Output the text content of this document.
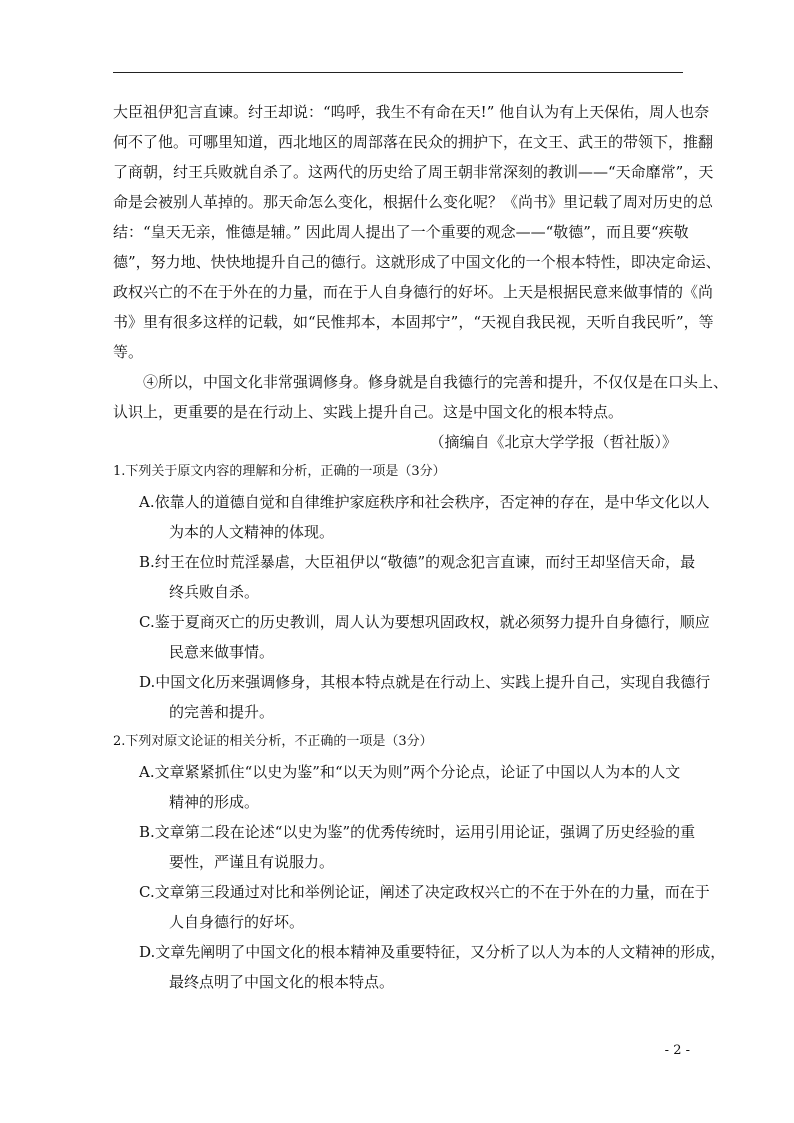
大臣祖伊犯言直谏。纣王却说：“呜呼，我生不有命在天!” 他自认为有上天保佑，周人也奈
何不了他。可哪里知道，西北地区的周部落在民众的拥护下，在文王、武王的带领下，推翻
了商朝，纣王兵败就自杀了。这两代的历史给了周王朝非常深刻的教训——“天命靡常”，天
命是会被别人革掉的。那天命怎么变化，根据什么变化呢？《尚书》里记载了周对历史的总
结：“皇天无亲，惟德是辅。” 因此周人提出了一个重要的观念——“敬德”，而且要“疾敬
德”，努力地、快快地提升自己的德行。这就形成了中国文化的一个根本特性，即决定命运、
政权兴亡的不在于外在的力量，而在于人自身德行的好坏。上天是根据民意来做事情的《尚
书》里有很多这样的记载，如“民惟邦本，本固邦宁”，“天视自我民视，天听自我民听”，等
等。
④所以，中国文化非常强调修身。修身就是自我德行的完善和提升，不仅仅是在口头上、
认识上，更重要的是在行动上、实践上提升自己。这是中国文化的根本特点。
（摘编自《北京大学学报（哲社版）》
1.下列关于原文内容的理解和分析，正确的一项是（3分）
A.依靠人的道德自觉和自律维护家庭秩序和社会秩序，否定神的存在，是中华文化以人
为本的人文精神的体现。
B.纣王在位时荒淫暴虐，大臣祖伊以“敬德”的观念犯言直谏，而纣王却坚信天命，最
终兵败自杀。
C.鉴于夏商灭亡的历史教训，周人认为要想巩固政权，就必须努力提升自身德行，顺应
民意来做事情。
D.中国文化历来强调修身，其根本特点就是在行动上、实践上提升自己，实现自我德行
的完善和提升。
2.下列对原文论证的相关分析，不正确的一项是（3分）
A.文章紧紧抓住“以史为鉴”和“以天为则”两个分论点，论证了中国以人为本的人文
精神的形成。
B.文章第二段在论述“以史为鉴”的优秀传统时，运用引用论证，强调了历史经验的重
要性，严谨且有说服力。
C.文章第三段通过对比和举例论证，阐述了决定政权兴亡的不在于外在的力量，而在于
人自身德行的好坏。
D.文章先阐明了中国文化的根本精神及重要特征，又分析了以人为本的人文精神的形成，
最终点明了中国文化的根本特点。
- 2 -
